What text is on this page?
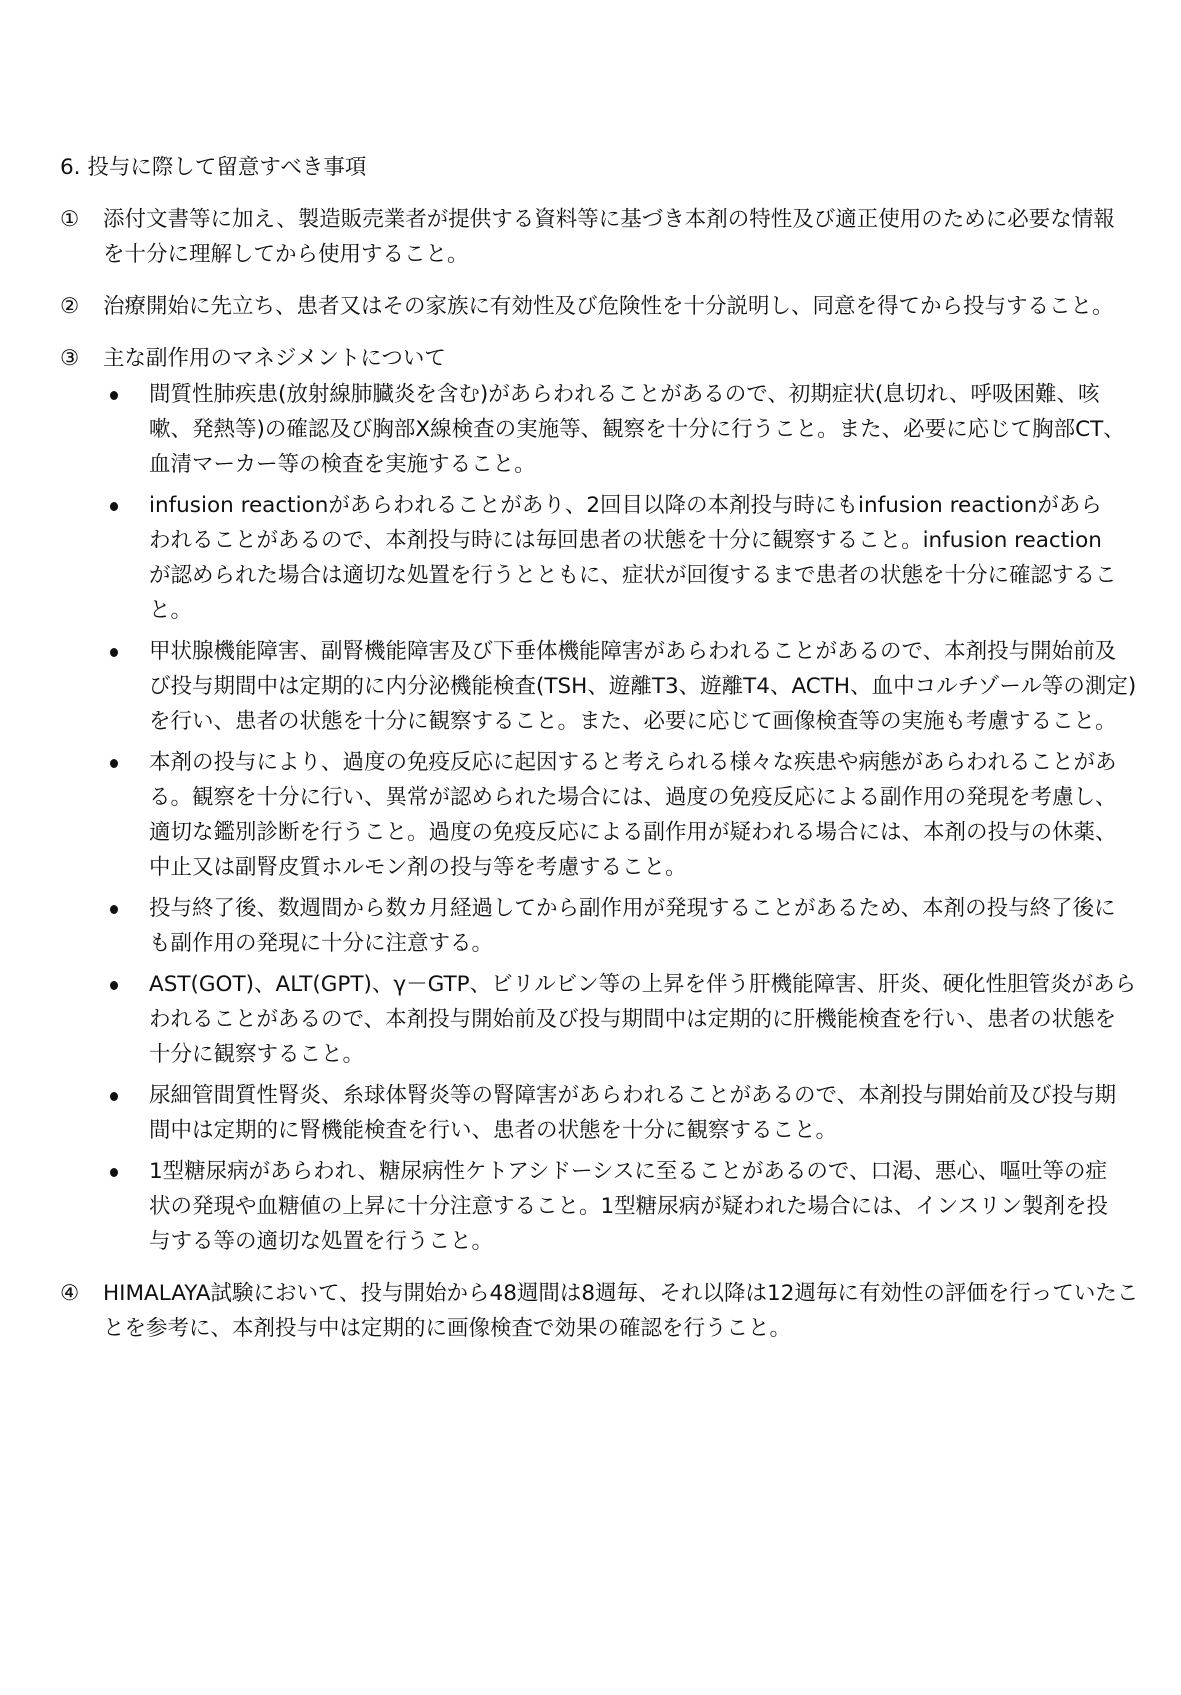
6. 投与に際して留意すべき事項
①	添付文書等に加え、製造販売業者が提供する資料等に基づき本剤の特性及び適正使用のために必要な情報
を十分に理解してから使用すること。
②	治療開始に先立ち、患者又はその家族に有効性及び危険性を十分説明し、同意を得てから投与すること。
③	主な副作用のマネジメントについて
間質性肺疾患(放射線肺臓炎を含む)があらわれることがあるので、初期症状(息切れ、呼吸困難、咳
嗽、発熱等)の確認及び胸部X線検査の実施等、観察を十分に行うこと。また、必要に応じて胸部CT、
血清マーカー等の検査を実施すること。
infusion reactionがあらわれることがあり、2回目以降の本剤投与時にもinfusion reactionがあら
われることがあるので、本剤投与時には毎回患者の状態を十分に観察すること。infusion reaction
が認められた場合は適切な処置を行うとともに、症状が回復するまで患者の状態を十分に確認するこ
と。
甲状腺機能障害、副腎機能障害及び下垂体機能障害があらわれることがあるので、本剤投与開始前及
び投与期間中は定期的に内分泌機能検査(TSH、遊離T3、遊離T4、ACTH、血中コルチゾール等の測定)
を行い、患者の状態を十分に観察すること。また、必要に応じて画像検査等の実施も考慮すること。
本剤の投与により、過度の免疫反応に起因すると考えられる様々な疾患や病態があらわれることがあ
る。観察を十分に行い、異常が認められた場合には、過度の免疫反応による副作用の発現を考慮し、
適切な鑑別診断を行うこと。過度の免疫反応による副作用が疑われる場合には、本剤の投与の休薬、
中止又は副腎皮質ホルモン剤の投与等を考慮すること。
投与終了後、数週間から数カ月経過してから副作用が発現することがあるため、本剤の投与終了後に
も副作用の発現に十分に注意する。
AST(GOT)、ALT(GPT)、γ－GTP、ビリルビン等の上昇を伴う肝機能障害、肝炎、硬化性胆管炎があら
われることがあるので、本剤投与開始前及び投与期間中は定期的に肝機能検査を行い、患者の状態を
十分に観察すること。
尿細管間質性腎炎、糸球体腎炎等の腎障害があらわれることがあるので、本剤投与開始前及び投与期
間中は定期的に腎機能検査を行い、患者の状態を十分に観察すること。
1型糖尿病があらわれ、糖尿病性ケトアシドーシスに至ることがあるので、口渇、悪心、嘔吐等の症
状の発現や血糖値の上昇に十分注意すること。1型糖尿病が疑われた場合には、インスリン製剤を投
与する等の適切な処置を行うこと。
④	HIMALAYA試験において、投与開始から48週間は8週毎、それ以降は12週毎に有効性の評価を行っていたこ
とを参考に、本剤投与中は定期的に画像検査で効果の確認を行うこと。
